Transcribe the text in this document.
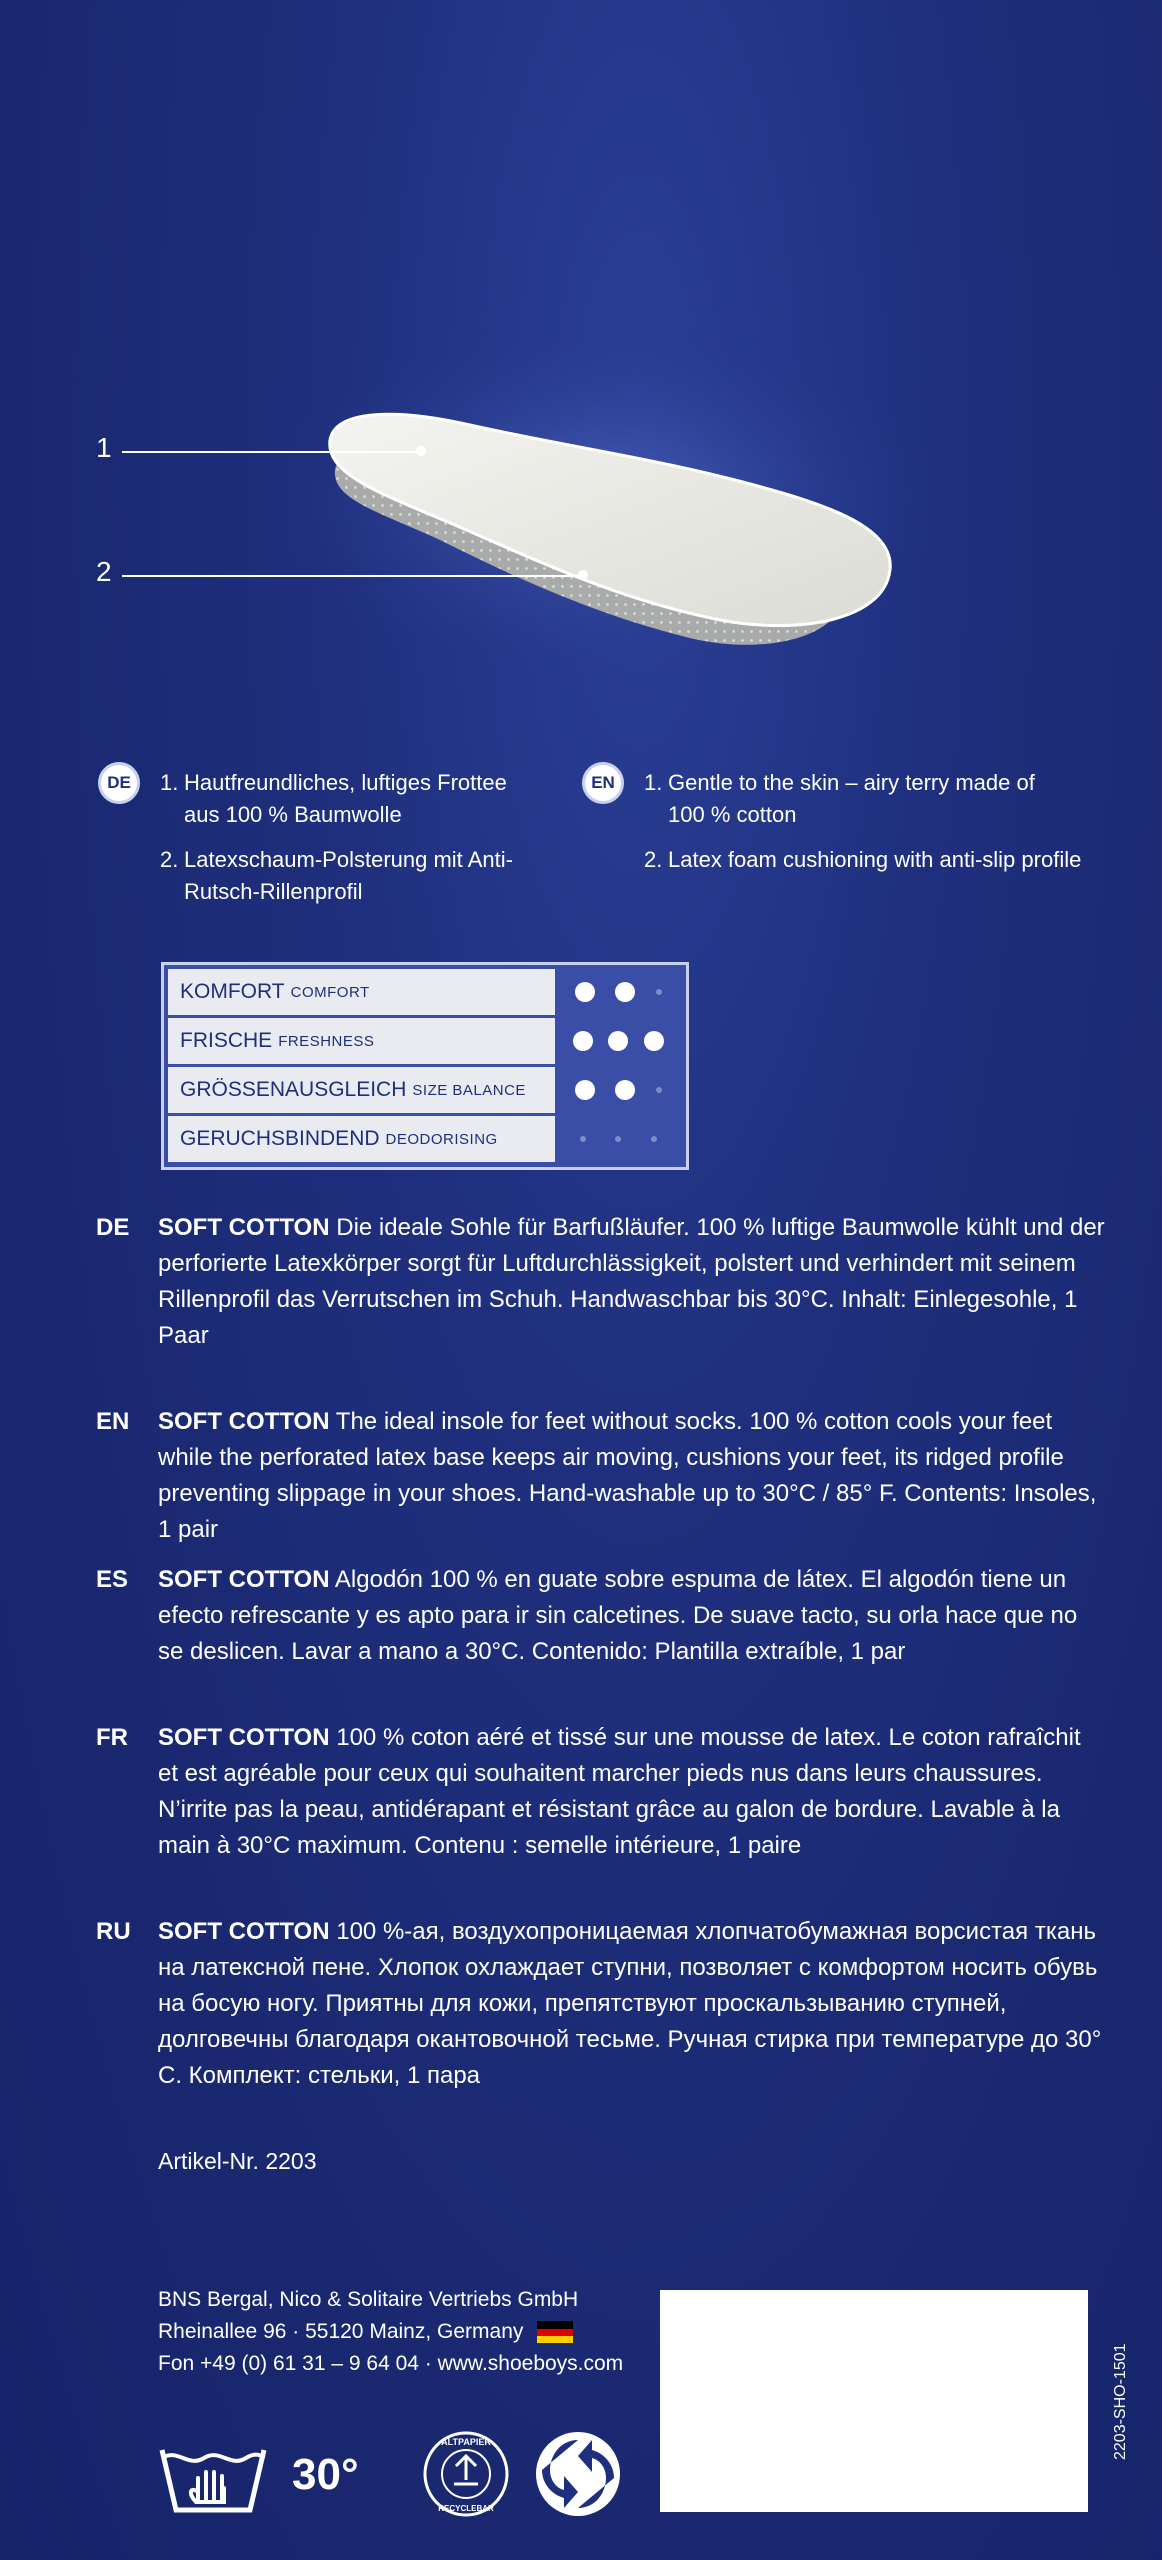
1
2
DE	1. Hautfreundliches, luftiges Frottee aus 100 % Baumwolle
2. Latexschaum-Polsterung mit Anti-Rutsch-Rillenprofil
EN	1. Gentle to the skin – airy terry made of 100 % cotton
2. Latex foam cushioning with anti-slip profile
KOMFORT COMFORT
FRISCHE FRESHNESS
GRÖSSENAUSGLEICH SIZE BALANCE
GERUCHSBINDEND DEODORISING
DE SOFT COTTON Die ideale Sohle für Barfußläufer. 100 % luftige Baumwolle kühlt und der perforierte Latexkörper sorgt für Luftdurchlässigkeit, polstert und verhindert mit seinem Rillenprofil das Verrutschen im Schuh. Handwaschbar bis 30°C. Inhalt: Einlegesohle, 1 Paar
EN SOFT COTTON The ideal insole for feet without socks. 100 % cotton cools your feet while the perforated latex base keeps air moving, cushions your feet, its ridged profile preventing slippage in your shoes. Hand-washable up to 30°C / 85° F. Contents: Insoles, 1 pair
ES SOFT COTTON Algodón 100 % en guate sobre espuma de látex. El algodón tiene un efecto refrescante y es apto para ir sin calcetines. De suave tacto, su orla hace que no se deslicen. Lavar a mano a 30°C. Contenido: Plantilla extraíble, 1 par
FR SOFT COTTON 100 % coton aéré et tissé sur une mousse de latex. Le coton rafraîchit et est agréable pour ceux qui souhaitent marcher pieds nus dans leurs chaussures. N’irrite pas la peau, antidérapant et résistant grâce au galon de bordure. Lavable à la main à 30°C maximum. Contenu : semelle intérieure, 1 paire
RU SOFT COTTON 100 %-ая, воздухопроницаемая хлопчатобумажная ворсистая ткань на латексной пене. Хлопок охлаждает ступни, позволяет с комфортом носить обувь на босую ногу. Приятны для кожи, препятствуют проскальзыванию ступней, долговечны благодаря окантовочной тесьме. Ручная стирка при температуре до 30° С. Комплект: стельки, 1 пара
Artikel-Nr. 2203
BNS Bergal, Nico & Solitaire Vertriebs GmbH
Rheinallee 96 · 55120 Mainz, Germany
Fon +49 (0) 61 31 – 9 64 04 · www.shoeboys.com	2203-SHO-1501
30°
ALTPAPIER
RECYCLEBAR
